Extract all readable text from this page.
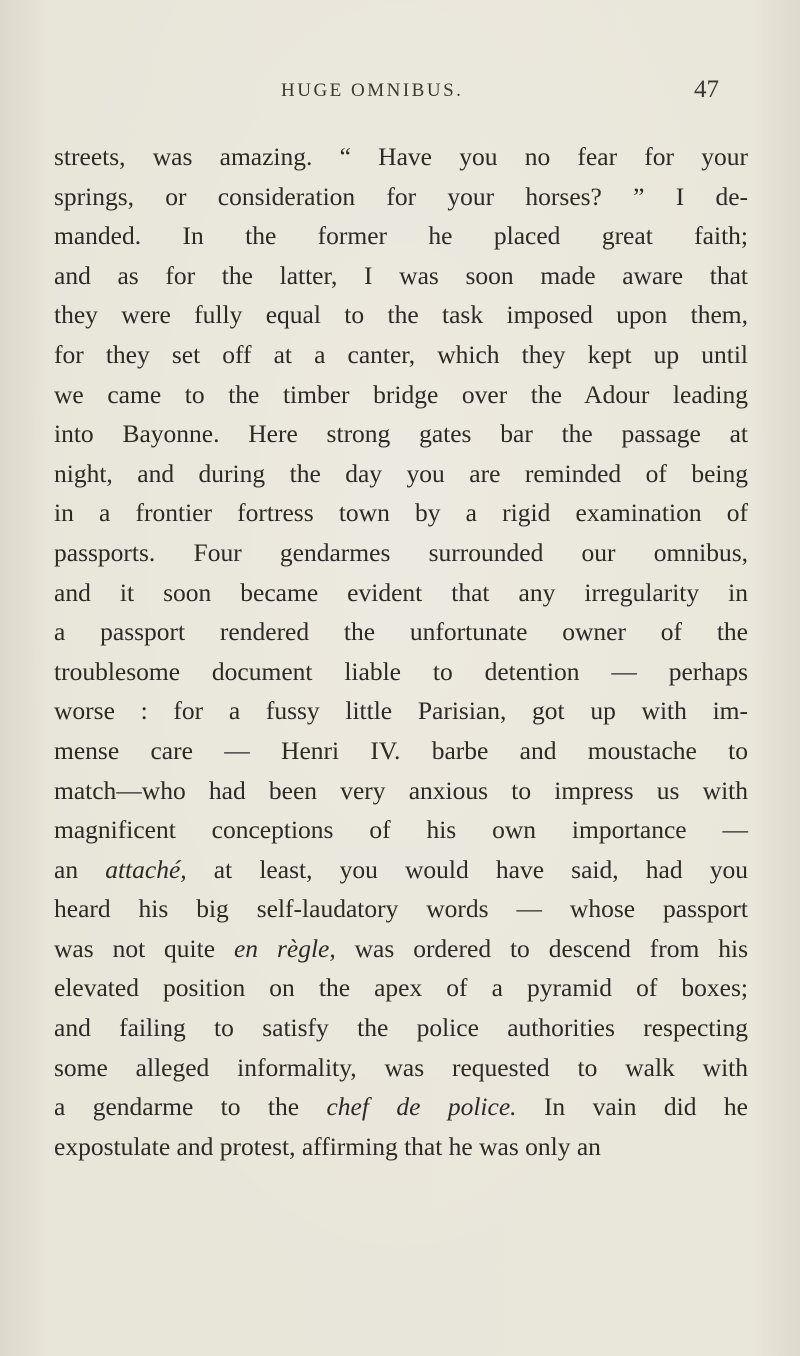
HUGE OMNIBUS.	47
streets, was amazing. “ Have you no fear for your
springs, or consideration for your horses? ” I de-
manded. In the former he placed great faith;
and as for the latter, I was soon made aware that
they were fully equal to the task imposed upon them,
for they set off at a canter, which they kept up until
we came to the timber bridge over the Adour leading
into Bayonne. Here strong gates bar the passage at
night, and during the day you are reminded of being
in a frontier fortress town by a rigid examination of
passports. Four gendarmes surrounded our omnibus,
and it soon became evident that any irregularity in
a passport rendered the unfortunate owner of the
troublesome document liable to detention — perhaps
worse : for a fussy little Parisian, got up with im-
mense care — Henri IV. barbe and moustache to
match—who had been very anxious to impress us with
magnificent conceptions of his own importance —
an attaché, at least, you would have said, had you
heard his big self-laudatory words — whose passport
was not quite en règle, was ordered to descend from his
elevated position on the apex of a pyramid of boxes;
and failing to satisfy the police authorities respecting
some alleged informality, was requested to walk with
a gendarme to the chef de police. In vain did he
expostulate and protest, affirming that he was only an
